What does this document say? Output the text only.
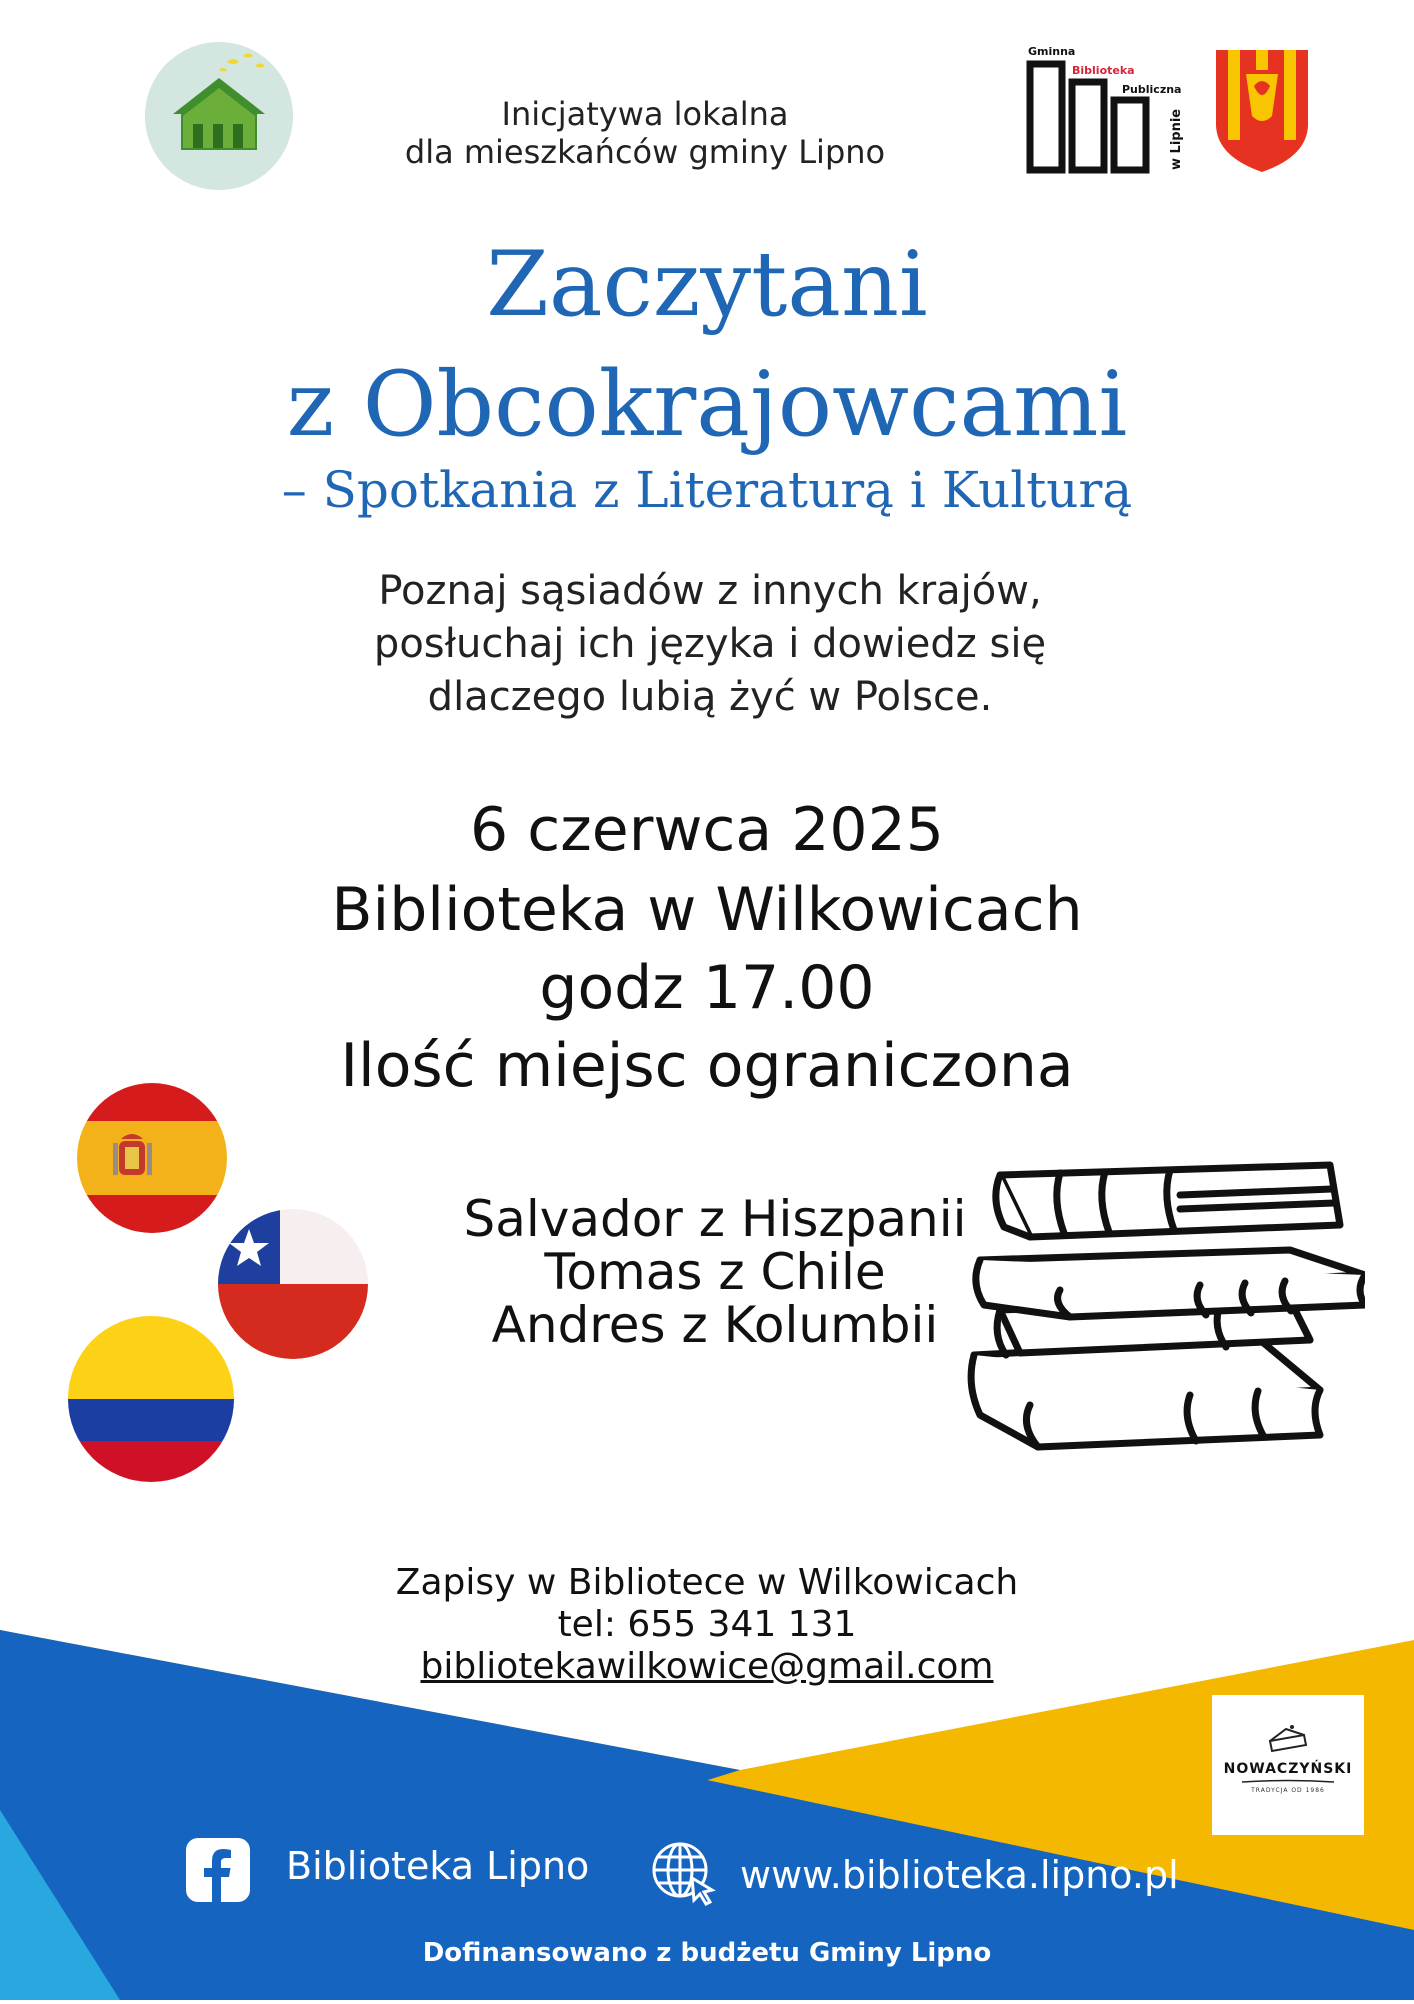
Inicjatywa lokalna
dla mieszkańców gminy Lipno
Gminna
Biblioteka
Publiczna
w Lipnie
Zaczytani
z Obcokrajowcami
– Spotkania z Literaturą i Kulturą
Poznaj sąsiadów z innych krajów,
posłuchaj ich języka i dowiedz się
dlaczego lubią żyć w Polsce.
6 czerwca 2025
Biblioteka w Wilkowicach
godz 17.00
Ilość miejsc ograniczona
Salvador z Hiszpanii
Tomas z Chile
Andres z Kolumbii
Zapisy w Bibliotece w Wilkowicach
tel: 655 341 131
bibliotekawilkowice@gmail.com
NOWACZYŃSKI
TRADYCJA OD 1986
Biblioteka Lipno	www.biblioteka.lipno.pl
Dofinansowano z budżetu Gminy Lipno
